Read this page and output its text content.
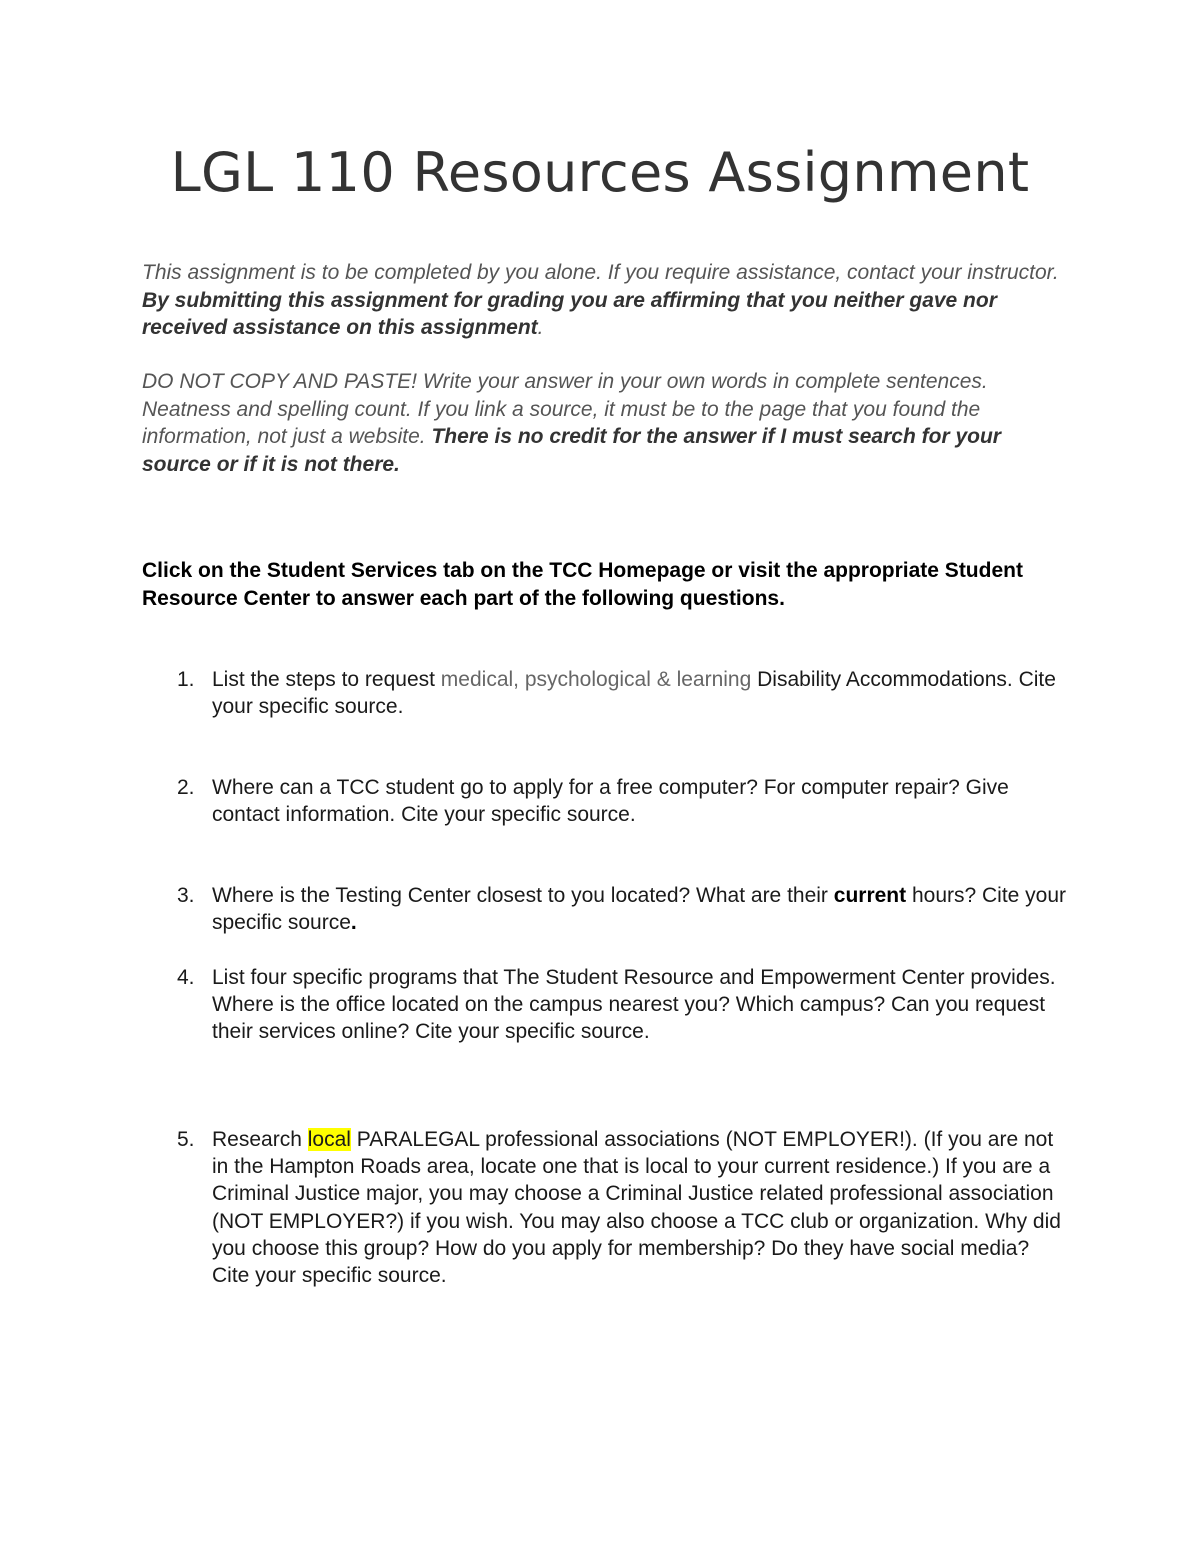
LGL 110 Resources Assignment

This assignment is to be completed by you alone. If you require assistance, contact your instructor. By submitting this assignment for grading you are affirming that you neither gave nor received assistance on this assignment.

DO NOT COPY AND PASTE! Write your answer in your own words in complete sentences.
Neatness and spelling count. If you link a source, it must be to the page that you found the information, not just a website. There is no credit for the answer if I must search for your source or if it is not there.

Click on the Student Services tab on the TCC Homepage or visit the appropriate Student Resource Center to answer each part of the following questions.

1. List the steps to request medical, psychological & learning Disability Accommodations. Cite your specific source.
2. Where can a TCC student go to apply for a free computer? For computer repair? Give contact information. Cite your specific source.
3. Where is the Testing Center closest to you located? What are their current hours? Cite your specific source.
4. List four specific programs that The Student Resource and Empowerment Center provides. Where is the office located on the campus nearest you? Which campus? Can you request their services online? Cite your specific source.
5. Research local PARALEGAL professional associations (NOT EMPLOYER!). (If you are not in the Hampton Roads area, locate one that is local to your current residence.) If you are a Criminal Justice major, you may choose a Criminal Justice related professional association (NOT EMPLOYER?) if you wish. You may also choose a TCC club or organization. Why did you choose this group? How do you apply for membership? Do they have social media? Cite your specific source.
